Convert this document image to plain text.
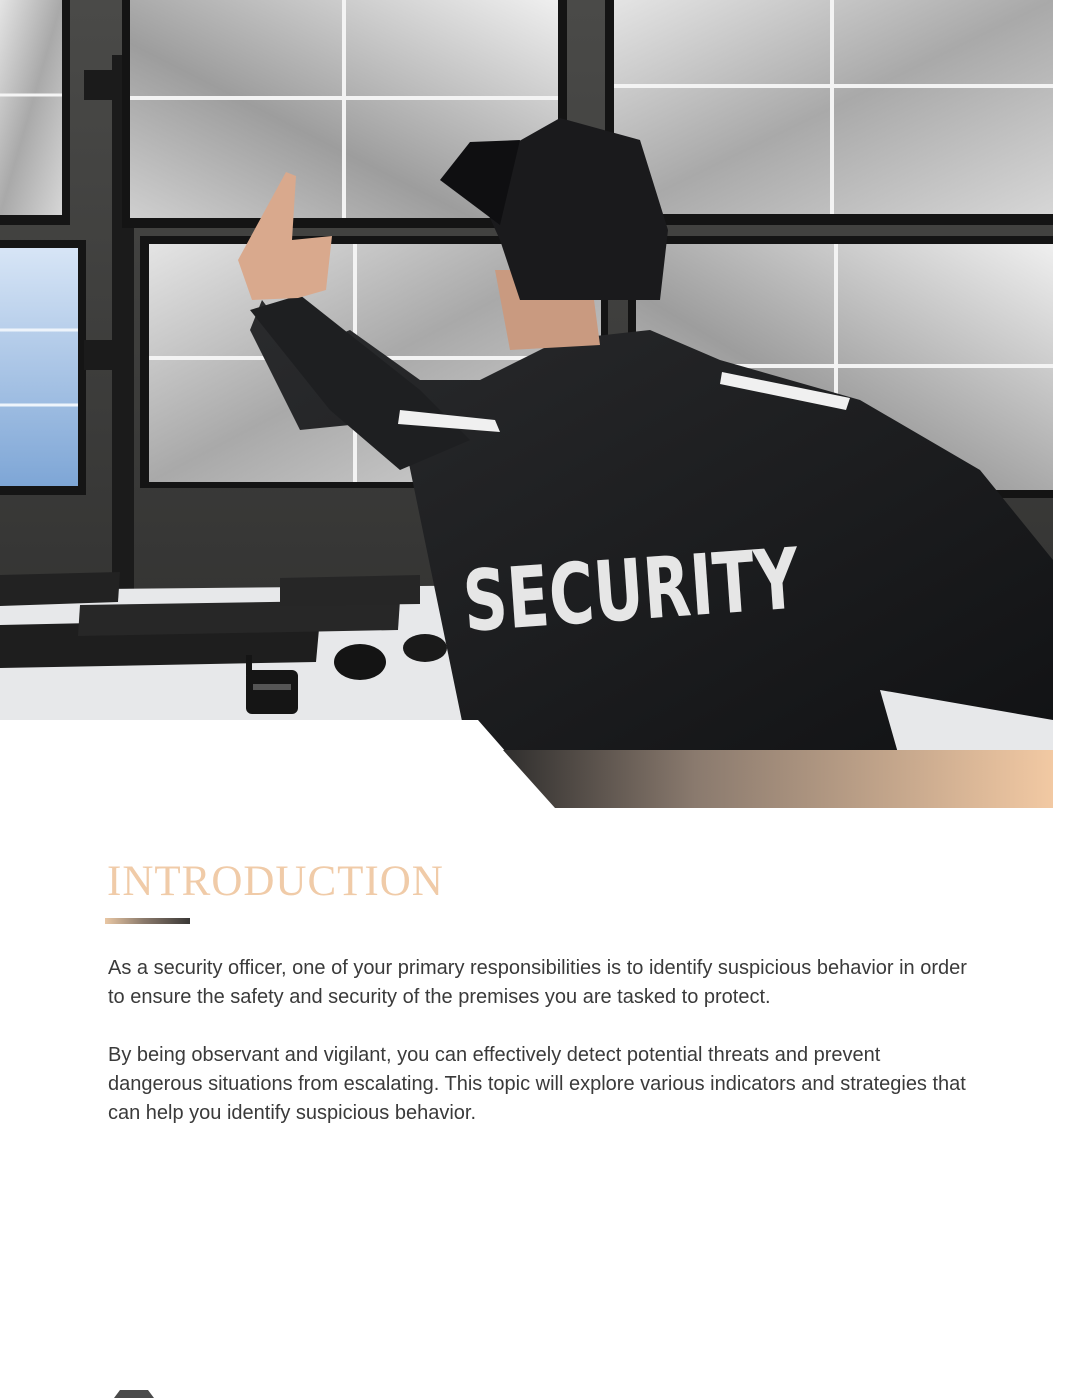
SECURITY
INTRODUCTION

As a security officer, one of your primary responsibilities is to identify suspicious behavior in order to ensure the safety and security of the premises you are tasked to protect.

By being observant and vigilant, you can effectively detect potential threats and prevent dangerous situations from escalating. This topic will explore various indicators and strategies that can help you identify suspicious behavior.
